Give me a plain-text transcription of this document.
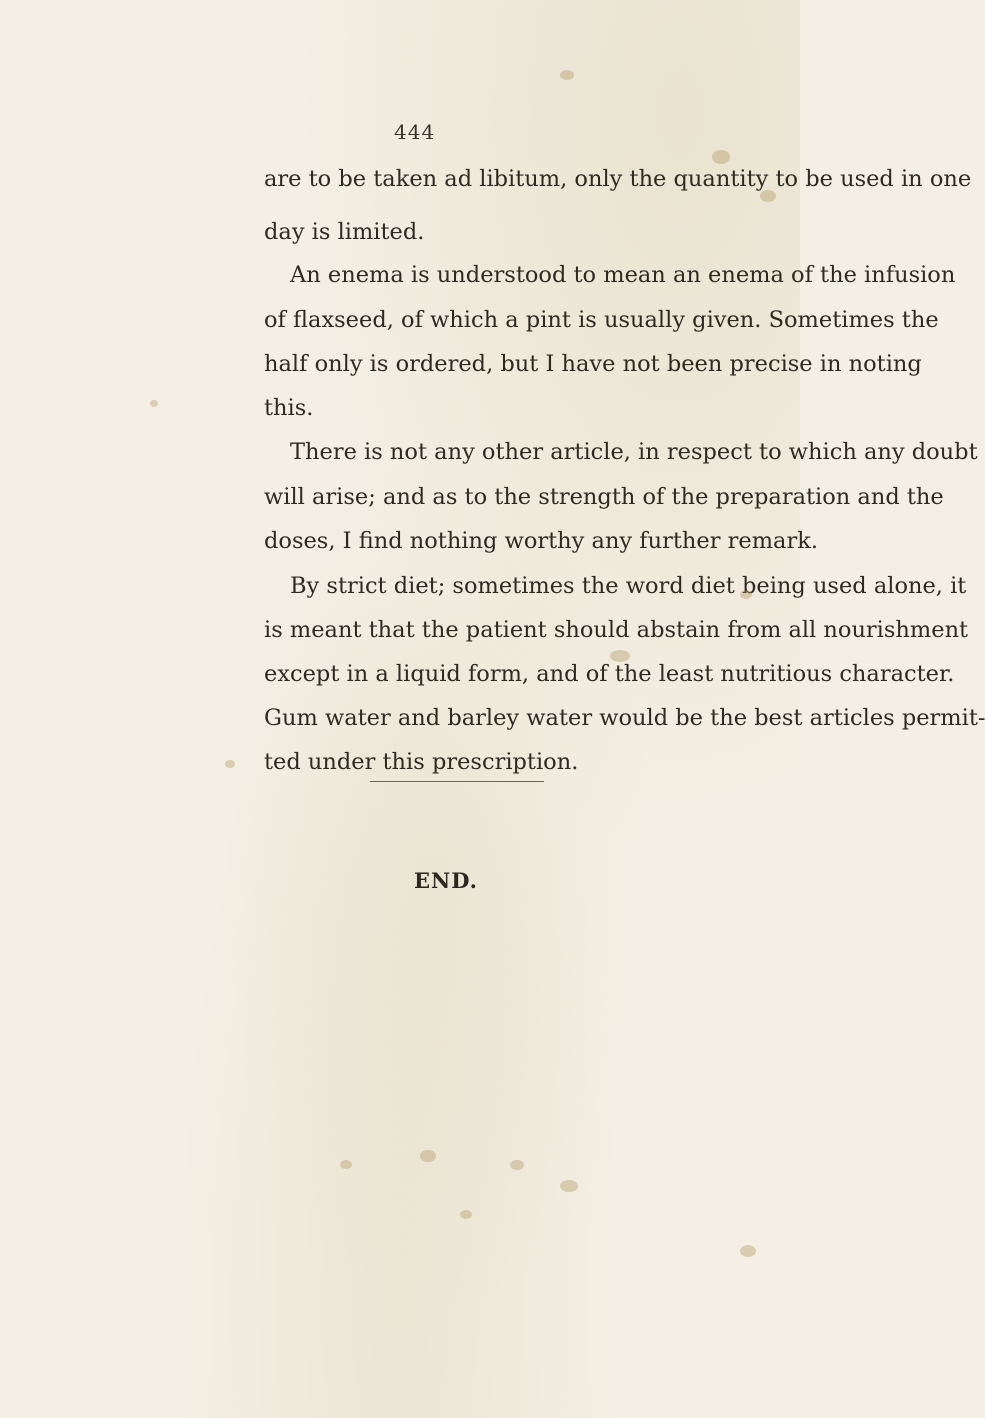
444
are to be taken ad libitum, only the quantity to be used in one
day is limited.
An enema is understood to mean an enema of the infusion
of flaxseed, of which a pint is usually given. Sometimes the
half only is ordered, but I have not been precise in noting
this.
There is not any other article, in respect to which any doubt
will arise; and as to the strength of the preparation and the
doses, I find nothing worthy any further remark.
By strict diet; sometimes the word diet being used alone, it
is meant that the patient should abstain from all nourishment
except in a liquid form, and of the least nutritious character.
Gum water and barley water would be the best articles permit-
ted under this prescription.
END.
